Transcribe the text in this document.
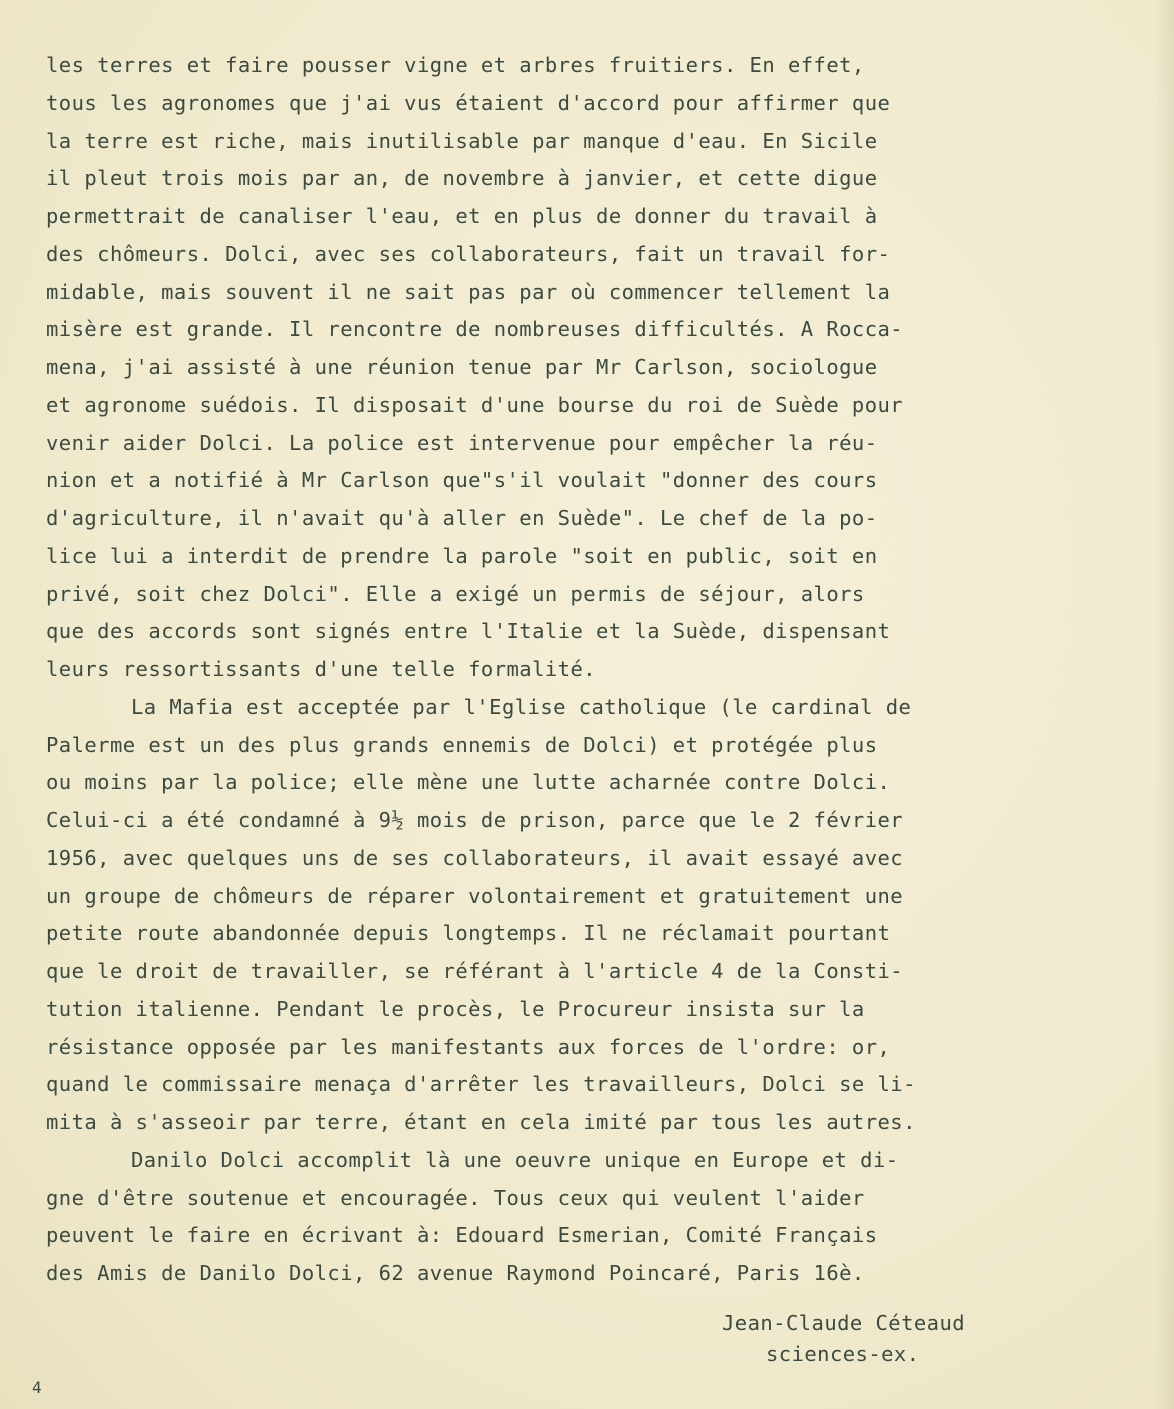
les terres et faire pousser vigne et arbres fruitiers. En effet,
tous les agronomes que j'ai vus étaient d'accord pour affirmer que
la terre est riche, mais inutilisable par manque d'eau. En Sicile
il pleut trois mois par an, de novembre à janvier, et cette digue
permettrait de canaliser l'eau, et en plus de donner du travail à
des chômeurs. Dolci, avec ses collaborateurs, fait un travail for-
midable, mais souvent il ne sait pas par où commencer tellement la
misère est grande. Il rencontre de nombreuses difficultés. A Rocca-
mena, j'ai assisté à une réunion tenue par Mr Carlson, sociologue
et agronome suédois. Il disposait d'une bourse du roi de Suède pour
venir aider Dolci. La police est intervenue pour empêcher la réu-
nion et a notifié à Mr Carlson que"s'il voulait "donner des cours
d'agriculture, il n'avait qu'à aller en Suède". Le chef de la po-
lice lui a interdit de prendre la parole "soit en public, soit en
privé, soit chez Dolci". Elle a exigé un permis de séjour, alors
que des accords sont signés entre l'Italie et la Suède, dispensant
leurs ressortissants d'une telle formalité.
La Mafia est acceptée par l'Eglise catholique (le cardinal de
Palerme est un des plus grands ennemis de Dolci) et protégée plus
ou moins par la police; elle mène une lutte acharnée contre Dolci.
Celui-ci a été condamné à 9½ mois de prison, parce que le 2 février
1956, avec quelques uns de ses collaborateurs, il avait essayé avec
un groupe de chômeurs de réparer volontairement et gratuitement une
petite route abandonnée depuis longtemps. Il ne réclamait pourtant
que le droit de travailler, se référant à l'article 4 de la Consti-
tution italienne. Pendant le procès, le Procureur insista sur la
résistance opposée par les manifestants aux forces de l'ordre: or,
quand le commissaire menaça d'arrêter les travailleurs, Dolci se li-
mita à s'asseoir par terre, étant en cela imité par tous les autres.
Danilo Dolci accomplit là une oeuvre unique en Europe et di-
gne d'être soutenue et encouragée. Tous ceux qui veulent l'aider
peuvent le faire en écrivant à: Edouard Esmerian, Comité Français
des Amis de Danilo Dolci, 62 avenue Raymond Poincaré, Paris 16è.
Jean-Claude Céteaud
sciences-ex.
4
